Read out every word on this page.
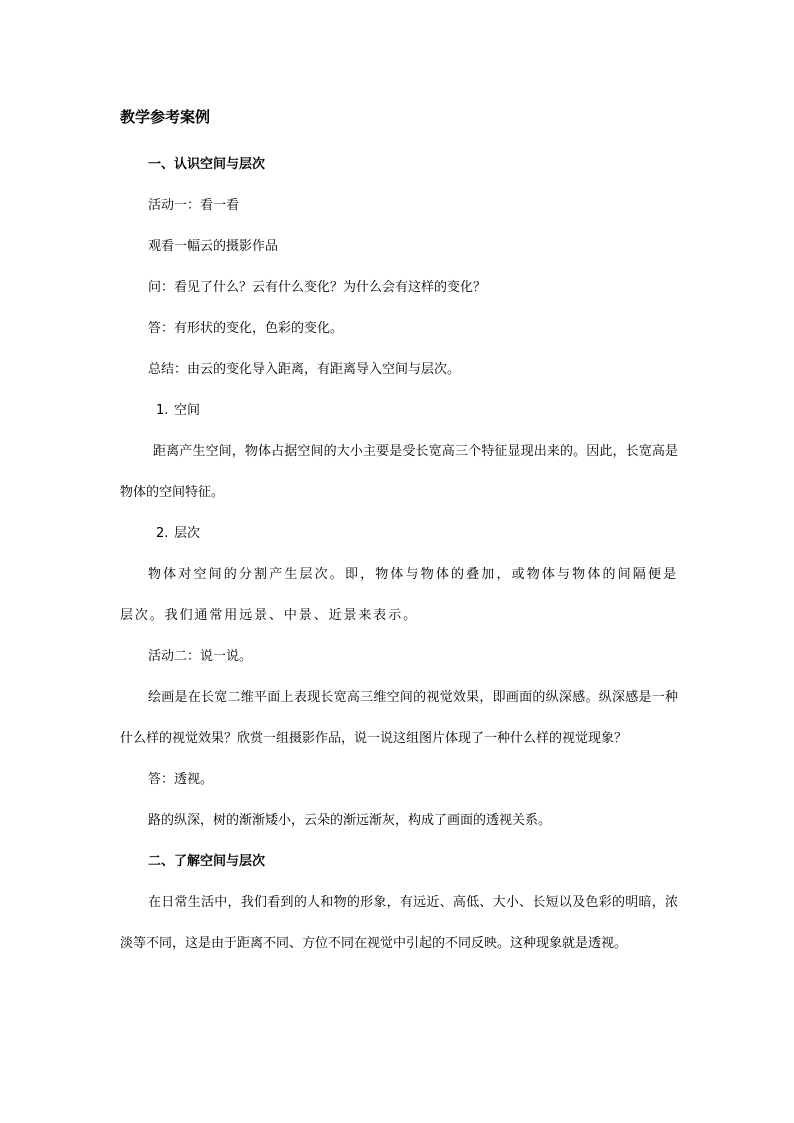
教学参考案例

一、认识空间与层次

活动一：看一看

观看一幅云的摄影作品

问：看见了什么？云有什么变化？为什么会有这样的变化？

答：有形状的变化，色彩的变化。

总结：由云的变化导入距离，有距离导入空间与层次。

1. 空间

距离产生空间，物体占据空间的大小主要是受长宽高三个特征显现出来的。因此，长宽高是物体的空间特征。

2. 层次

物体对空间的分割产生层次。即，物体与物体的叠加，或物体与物体的间隔便是层次。我们通常用远景、中景、近景来表示。

活动二：说一说。

绘画是在长宽二维平面上表现长宽高三维空间的视觉效果，即画面的纵深感。纵深感是一种什么样的视觉效果？欣赏一组摄影作品，说一说这组图片体现了一种什么样的视觉现象？

答：透视。

路的纵深，树的渐渐矮小，云朵的渐远渐灰，构成了画面的透视关系。

二、了解空间与层次

在日常生活中，我们看到的人和物的形象，有远近、高低、大小、长短以及色彩的明暗，浓淡等不同，这是由于距离不同、方位不同在视觉中引起的不同反映。这种现象就是透视。
